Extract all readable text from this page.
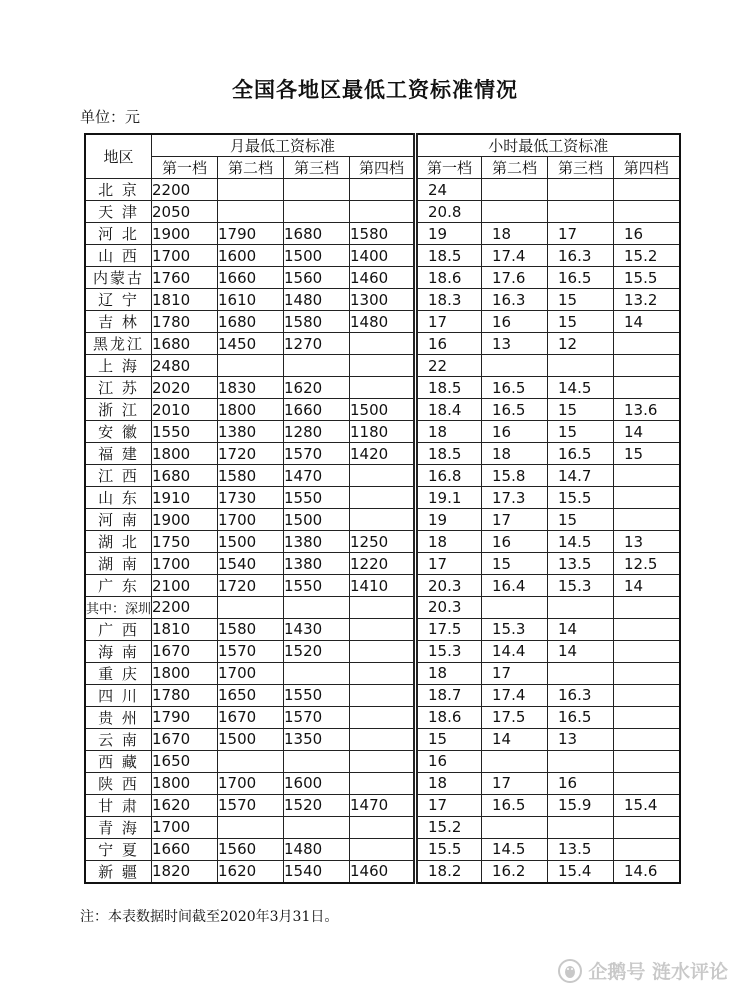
全国各地区最低工资标准情况
单位：元
地区	月最低工资标准				小时最低工资标准			
	第一档	第二档	第三档	第四档	第一档	第二档	第三档	第四档
北 京	2200				24			
天 津	2050				20.8			
河 北	1900	1790	1680	1580	19	18	17	16
山 西	1700	1600	1500	1400	18.5	17.4	16.3	15.2
内蒙古	1760	1660	1560	1460	18.6	17.6	16.5	15.5
辽 宁	1810	1610	1480	1300	18.3	16.3	15	13.2
吉 林	1780	1680	1580	1480	17	16	15	14
黑龙江	1680	1450	1270		16	13	12	
上 海	2480				22			
江 苏	2020	1830	1620		18.5	16.5	14.5	
浙 江	2010	1800	1660	1500	18.4	16.5	15	13.6
安 徽	1550	1380	1280	1180	18	16	15	14
福 建	1800	1720	1570	1420	18.5	18	16.5	15
江 西	1680	1580	1470		16.8	15.8	14.7	
山 东	1910	1730	1550		19.1	17.3	15.5	
河 南	1900	1700	1500		19	17	15	
湖 北	1750	1500	1380	1250	18	16	14.5	13
湖 南	1700	1540	1380	1220	17	15	13.5	12.5
广 东	2100	1720	1550	1410	20.3	16.4	15.3	14
其中：深圳	2200				20.3			
广 西	1810	1580	1430		17.5	15.3	14	
海 南	1670	1570	1520		15.3	14.4	14	
重 庆	1800	1700			18	17		
四 川	1780	1650	1550		18.7	17.4	16.3	
贵 州	1790	1670	1570		18.6	17.5	16.5	
云 南	1670	1500	1350		15	14	13	
西 藏	1650				16			
陕 西	1800	1700	1600		18	17	16	
甘 肃	1620	1570	1520	1470	17	16.5	15.9	15.4
青 海	1700				15.2			
宁 夏	1660	1560	1480		15.5	14.5	13.5	
新 疆	1820	1620	1540	1460	18.2	16.2	15.4	14.6
注：本表数据时间截至2020年3月31日。
企鹅号 涟水评论
